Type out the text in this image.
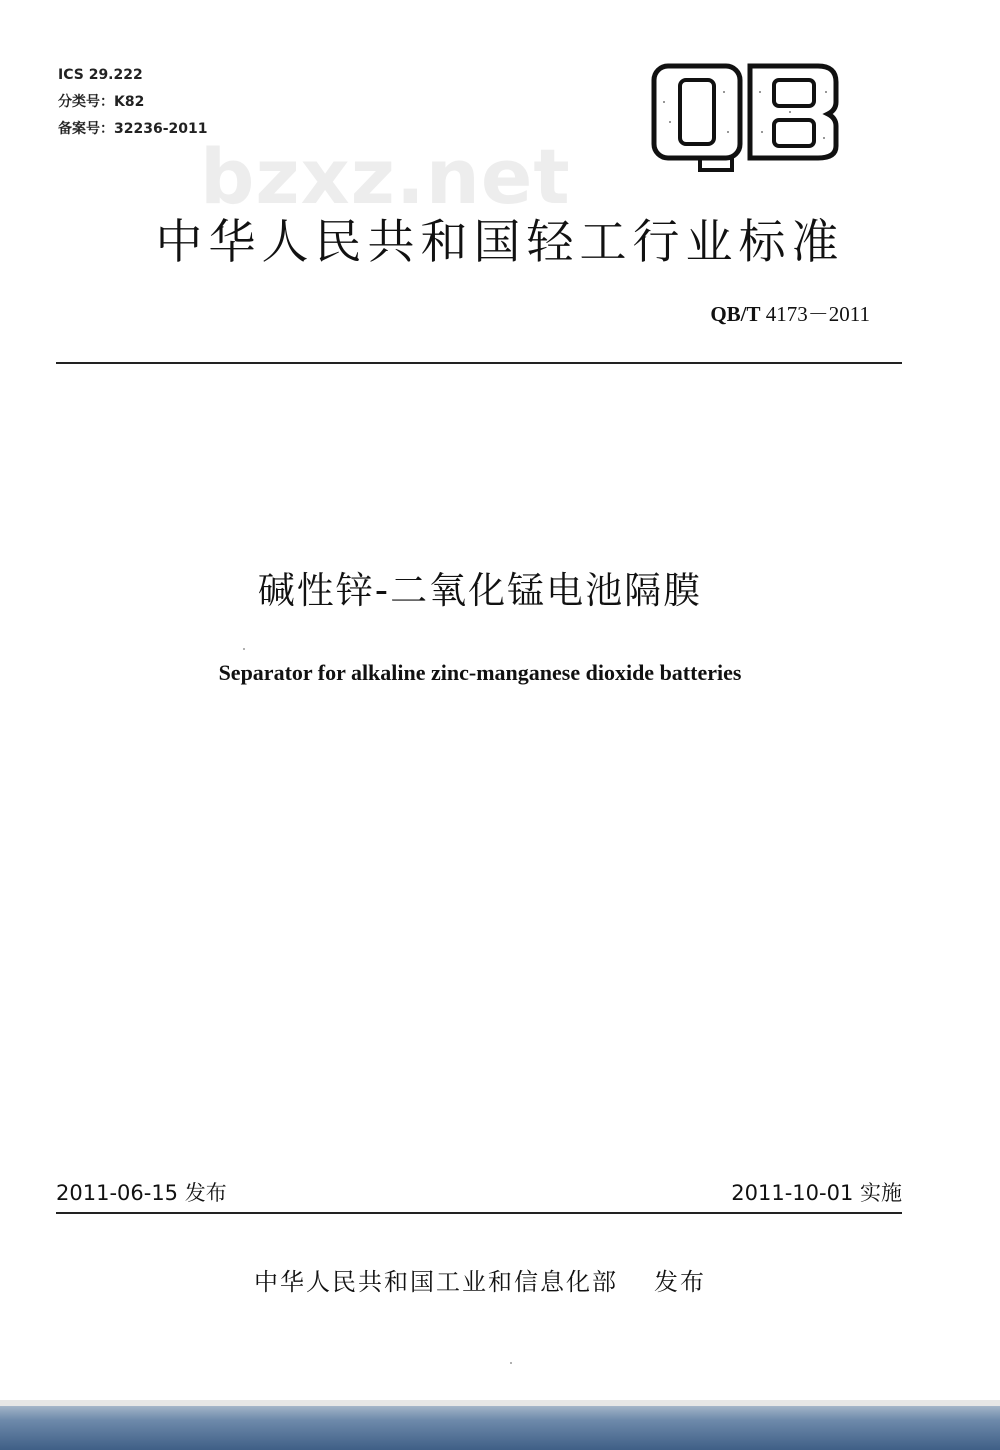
ICS 29.222
分类号：K82
备案号：32236-2011
bzxz.net
中华人民共和国轻工行业标准
QB/T 4173－2011
碱性锌-二氧化锰电池隔膜
Separator for alkaline zinc-manganese dioxide batteries
2011-06-15 发布	2011-10-01 实施
中华人民共和国工业和信息化部 发布
